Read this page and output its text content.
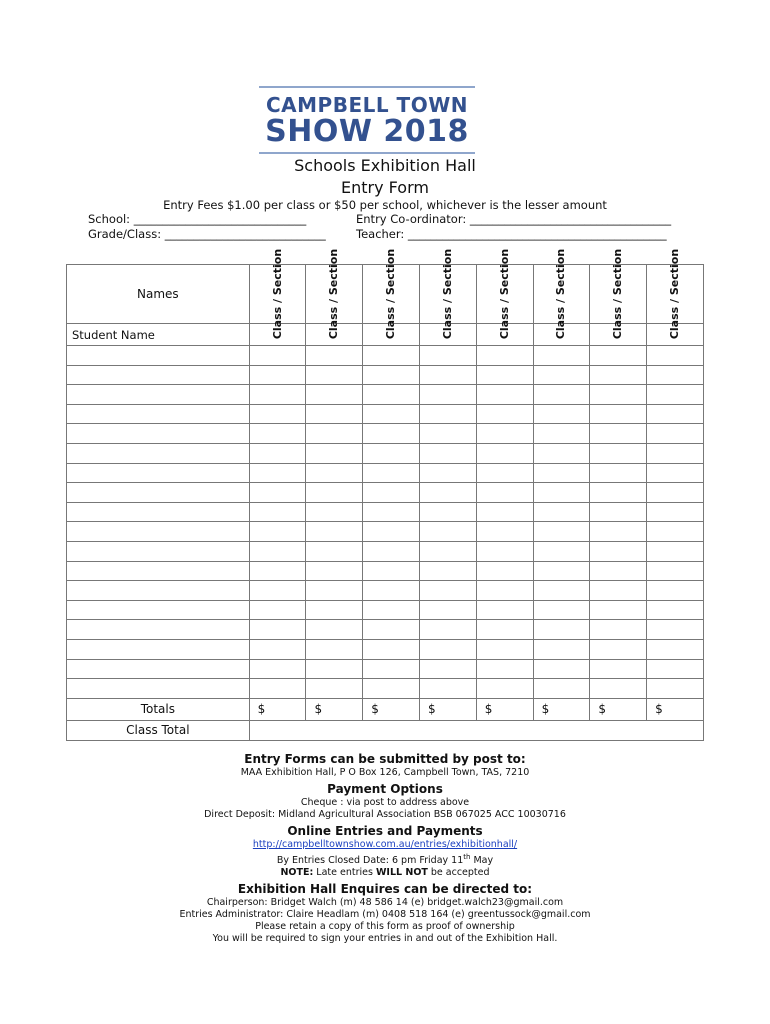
CAMPBELL TOWN
SHOW 2018
Schools Exhibition Hall
Entry Form
Entry Fees $1.00 per class or $50 per school, whichever is the lesser amount
School: ______________________________	Entry Co-ordinator: ___________________________________
Grade/Class: ____________________________	Teacher: _____________________________________________
Names	Class / Section	Class / Section	Class / Section	Class / Section	Class / Section	Class / Section	Class / Section	Class / Section

Student Name								

Totals	$	$	$	$	$	$	$	$
Class Total								
Entry Forms can be submitted by post to:
MAA Exhibition Hall, P O Box 126, Campbell Town, TAS, 7210
Payment Options
Cheque : via post to address above
Direct Deposit: Midland Agricultural Association BSB 067025 ACC 10030716
Online Entries and Payments
http://campbelltownshow.com.au/entries/exhibitionhall/
By Entries Closed Date: 6 pm Friday 11th May
NOTE: Late entries WILL NOT be accepted
Exhibition Hall Enquires can be directed to:
Chairperson: Bridget Walch (m) 48 586 14 (e) bridget.walch23@gmail.com
Entries Administrator: Claire Headlam (m) 0408 518 164 (e) greentussock@gmail.com
Please retain a copy of this form as proof of ownership
You will be required to sign your entries in and out of the Exhibition Hall.
